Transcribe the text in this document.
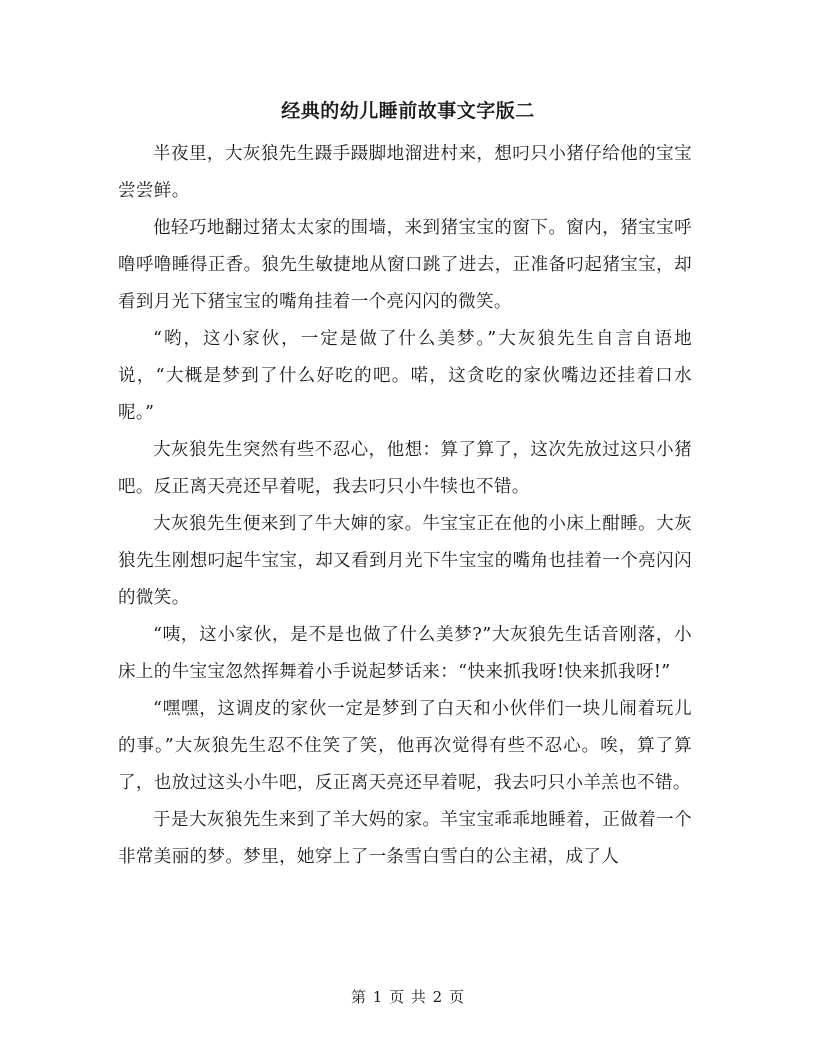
经典的幼儿睡前故事文字版二

半夜里，大灰狼先生蹑手蹑脚地溜进村来，想叼只小猪仔给他的宝宝尝尝鲜。

他轻巧地翻过猪太太家的围墙，来到猪宝宝的窗下。窗内，猪宝宝呼噜呼噜睡得正香。狼先生敏捷地从窗口跳了进去，正准备叼起猪宝宝，却看到月光下猪宝宝的嘴角挂着一个亮闪闪的微笑。

“哟，这小家伙，一定是做了什么美梦。”大灰狼先生自言自语地说，“大概是梦到了什么好吃的吧。喏，这贪吃的家伙嘴边还挂着口水呢。”

大灰狼先生突然有些不忍心，他想：算了算了，这次先放过这只小猪吧。反正离天亮还早着呢，我去叼只小牛犊也不错。

大灰狼先生便来到了牛大婶的家。牛宝宝正在他的小床上酣睡。大灰狼先生刚想叼起牛宝宝，却又看到月光下牛宝宝的嘴角也挂着一个亮闪闪的微笑。

“咦，这小家伙，是不是也做了什么美梦?”大灰狼先生话音刚落，小床上的牛宝宝忽然挥舞着小手说起梦话来：“快来抓我呀!快来抓我呀!”

“嘿嘿，这调皮的家伙一定是梦到了白天和小伙伴们一块儿闹着玩儿的事。”大灰狼先生忍不住笑了笑，他再次觉得有些不忍心。唉，算了算了，也放过这头小牛吧，反正离天亮还早着呢，我去叼只小羊羔也不错。

于是大灰狼先生来到了羊大妈的家。羊宝宝乖乖地睡着，正做着一个非常美丽的梦。梦里，她穿上了一条雪白雪白的公主裙，成了人

第 1 页 共 2 页
